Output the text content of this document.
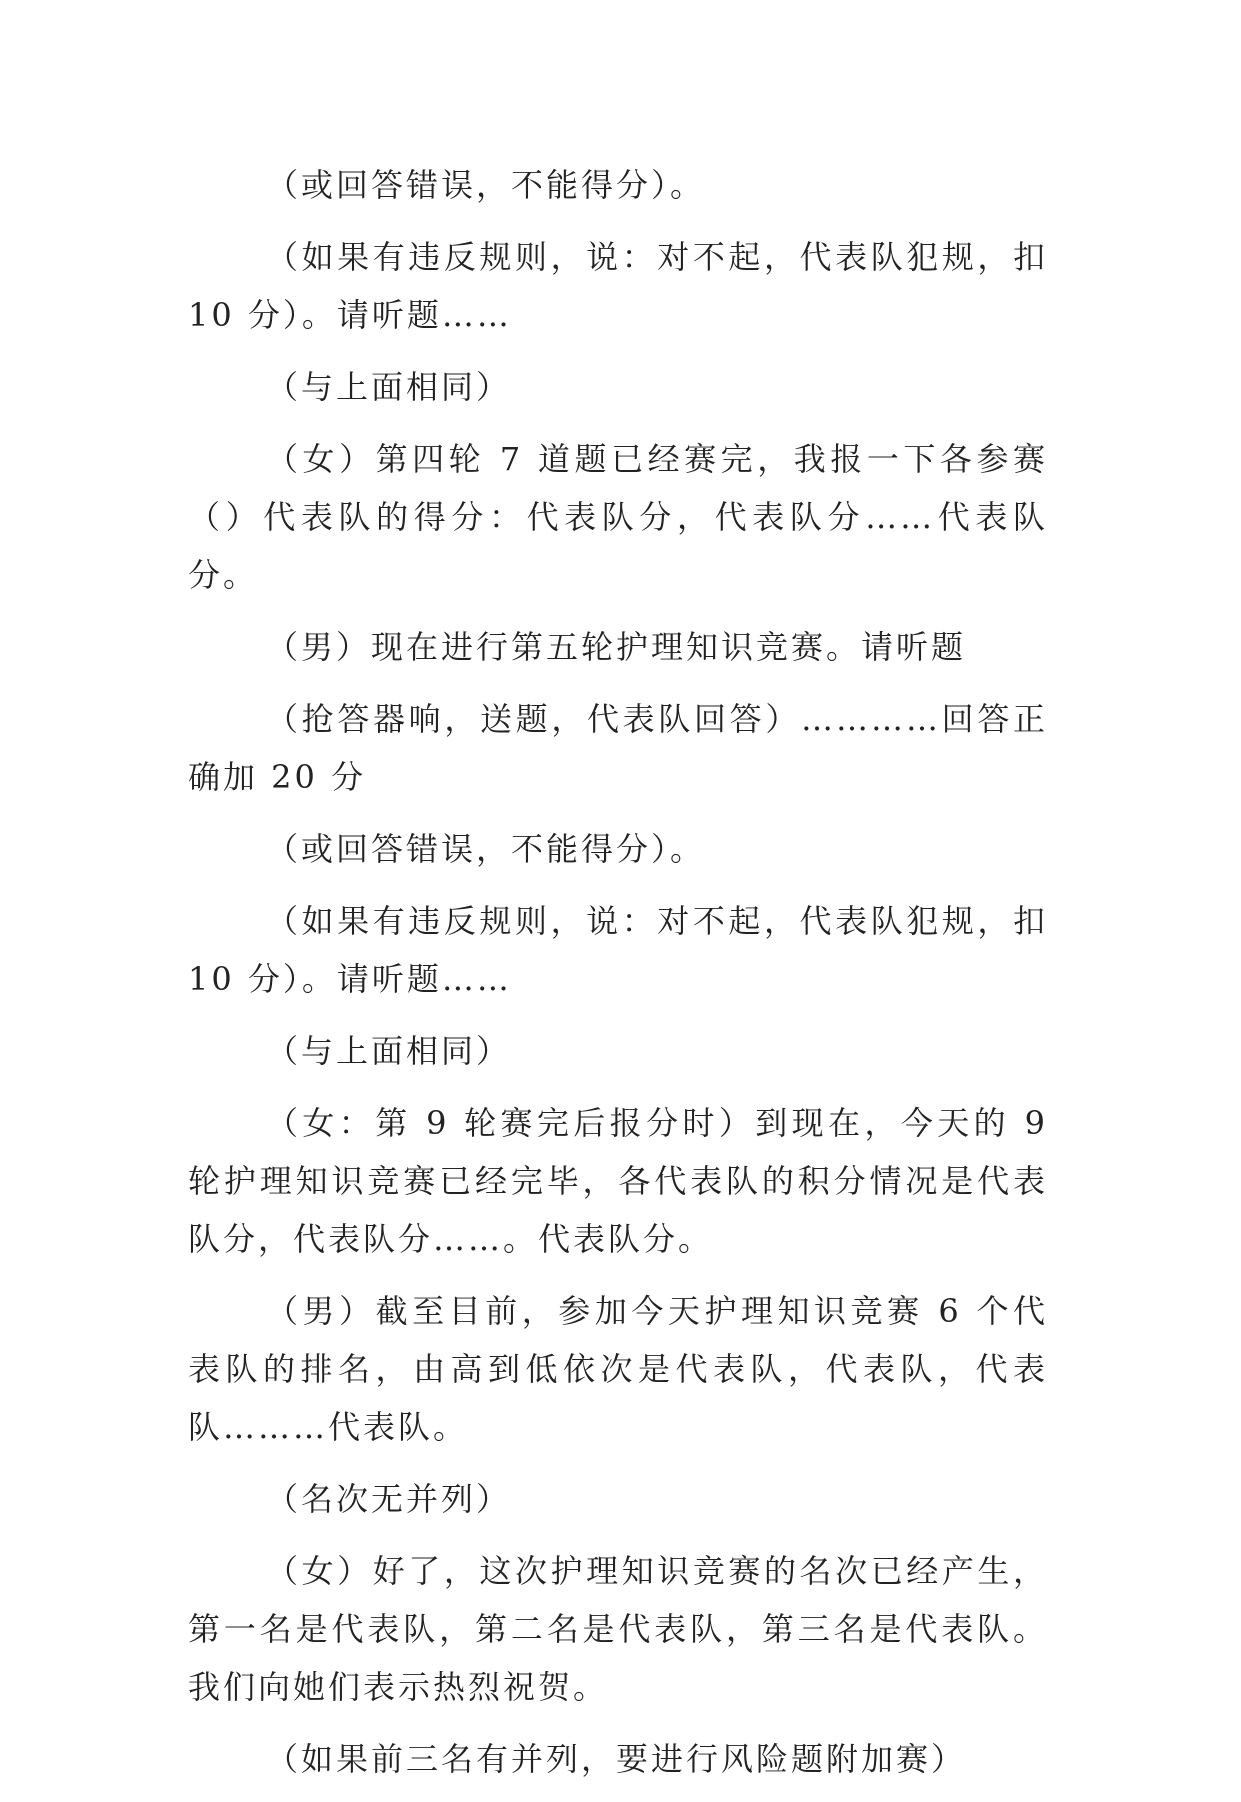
（或回答错误，不能得分）。

（如果有违反规则，说：对不起，代表队犯规，扣 10 分）。请听题……

（与上面相同）

（女）第四轮 7 道题已经赛完，我报一下各参赛（）代表队的得分：代表队分，代表队分……代表队分。

（男）现在进行第五轮护理知识竞赛。请听题

（抢答器响，送题，代表队回答）…………回答正确加 20 分

（或回答错误，不能得分）。

（如果有违反规则，说：对不起，代表队犯规，扣 10 分）。请听题……

（与上面相同）

（女：第 9 轮赛完后报分时）到现在，今天的 9 轮护理知识竞赛已经完毕，各代表队的积分情况是代表队分，代表队分……。代表队分。

（男）截至目前，参加今天护理知识竞赛 6 个代表队的排名，由高到低依次是代表队，代表队，代表队………代表队。

（名次无并列）

（女）好了，这次护理知识竞赛的名次已经产生，第一名是代表队，第二名是代表队，第三名是代表队。我们向她们表示热烈祝贺。

（如果前三名有并列，要进行风险题附加赛）
